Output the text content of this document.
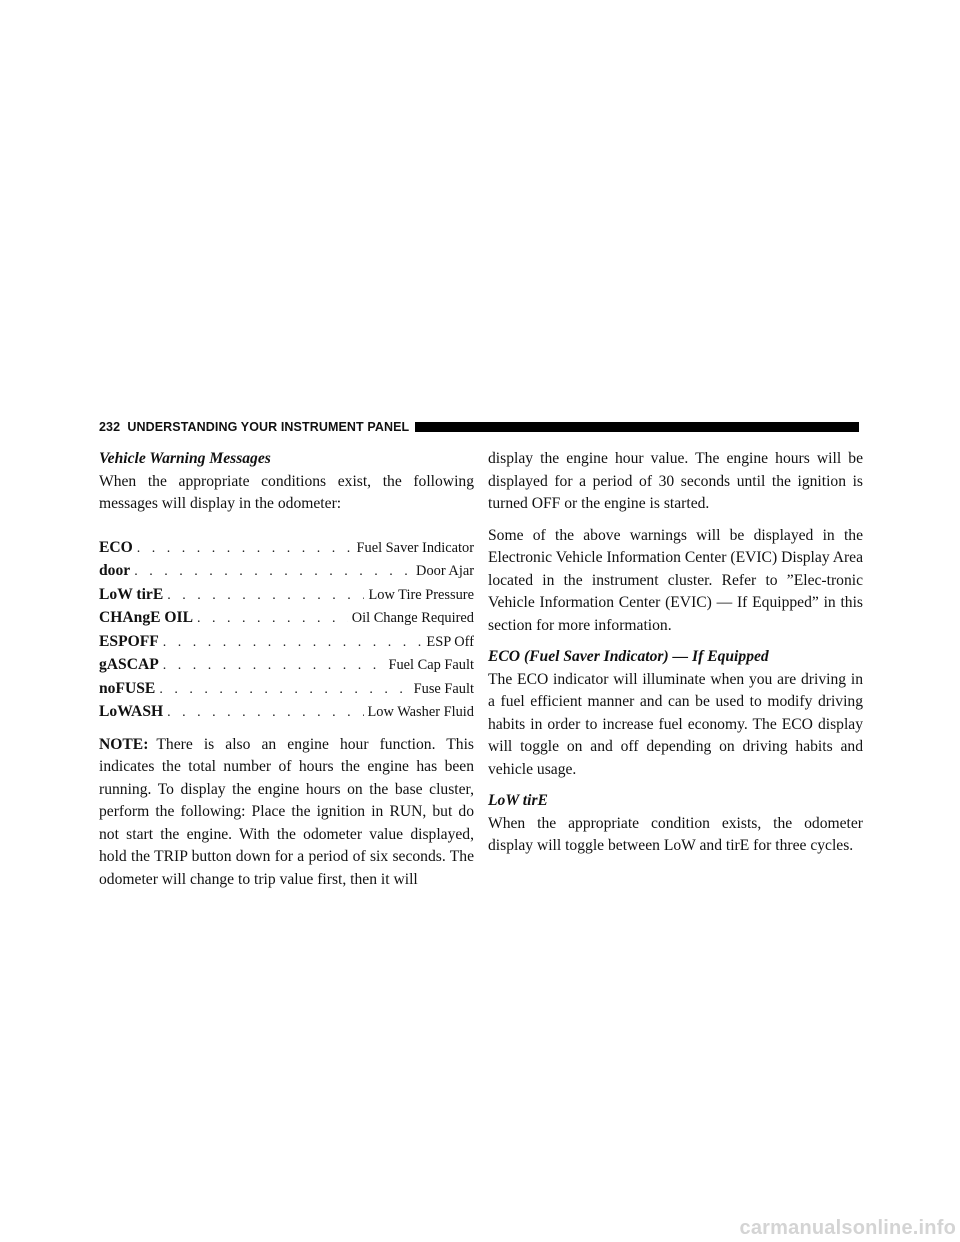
232 UNDERSTANDING YOUR INSTRUMENT PANEL

Vehicle Warning Messages

When the appropriate conditions exist, the following messages will display in the odometer:

ECO . . .	Fuel Saver Indicator
door . . .	Door Ajar
LoW tirE . . .	Low Tire Pressure
CHAngE OIL . . .	Oil Change Required
ESPOFF . . .	ESP Off
gASCAP . . .	Fuel Cap Fault
noFUSE . . .	Fuse Fault
LoWASH . . .	Low Washer Fluid

NOTE: There is also an engine hour function. This indicates the total number of hours the engine has been running. To display the engine hours on the base cluster, perform the following: Place the ignition in RUN, but do not start the engine. With the odometer value displayed, hold the TRIP button down for a period of six seconds. The odometer will change to trip value first, then it will

display the engine hour value. The engine hours will be displayed for a period of 30 seconds until the ignition is turned OFF or the engine is started.

Some of the above warnings will be displayed in the Electronic Vehicle Information Center (EVIC) Display Area located in the instrument cluster. Refer to ”Elec-tronic Vehicle Information Center (EVIC) — If Equipped” in this section for more information.

ECO (Fuel Saver Indicator) — If Equipped

The ECO indicator will illuminate when you are driving in a fuel efficient manner and can be used to modify driving habits in order to increase fuel economy. The ECO display will toggle on and off depending on driving habits and vehicle usage.

LoW tirE

When the appropriate condition exists, the odometer display will toggle between LoW and tirE for three cycles.

carmanualsonline.info
